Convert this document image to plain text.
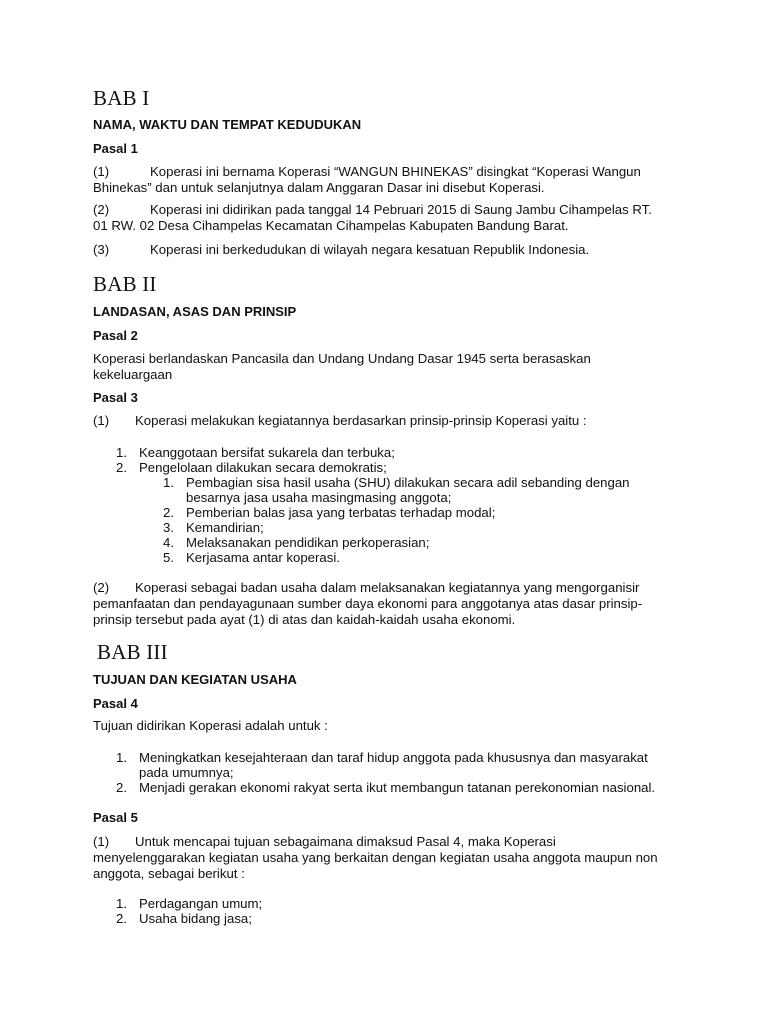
BAB I
NAMA, WAKTU DAN TEMPAT KEDUDUKAN
Pasal 1
(1)	Koperasi ini bernama Koperasi “WANGUN BHINEKAS” disingkat “Koperasi Wangun
Bhinekas” dan untuk selanjutnya dalam Anggaran Dasar ini disebut Koperasi.
(2)	Koperasi ini didirikan pada tanggal 14 Pebruari 2015 di Saung Jambu Cihampelas RT.
01 RW. 02 Desa Cihampelas Kecamatan Cihampelas Kabupaten Bandung Barat.
(3)	Koperasi ini berkedudukan di wilayah negara kesatuan Republik Indonesia.
BAB II
LANDASAN, ASAS DAN PRINSIP
Pasal 2
Koperasi berlandaskan Pancasila dan Undang Undang Dasar 1945 serta berasaskan
kekeluargaan
Pasal 3
(1) Koperasi melakukan kegiatannya berdasarkan prinsip-prinsip Koperasi yaitu :
1. Keanggotaan bersifat sukarela dan terbuka;
2. Pengelolaan dilakukan secara demokratis;
1. Pembagian sisa hasil usaha (SHU) dilakukan secara adil sebanding dengan
besarnya jasa usaha masingmasing anggota;
2. Pemberian balas jasa yang terbatas terhadap modal;
3. Kemandirian;
4. Melaksanakan pendidikan perkoperasian;
5. Kerjasama antar koperasi.
(2) Koperasi sebagai badan usaha dalam melaksanakan kegiatannya yang mengorganisir
pemanfaatan dan pendayagunaan sumber daya ekonomi para anggotanya atas dasar prinsip-
prinsip tersebut pada ayat (1) di atas dan kaidah-kaidah usaha ekonomi.
BAB III
TUJUAN DAN KEGIATAN USAHA
Pasal 4
Tujuan didirikan Koperasi adalah untuk :
1. Meningkatkan kesejahteraan dan taraf hidup anggota pada khususnya dan masyarakat
pada umumnya;
2. Menjadi gerakan ekonomi rakyat serta ikut membangun tatanan perekonomian nasional.
Pasal 5
(1) Untuk mencapai tujuan sebagaimana dimaksud Pasal 4, maka Koperasi
menyelenggarakan kegiatan usaha yang berkaitan dengan kegiatan usaha anggota maupun non
anggota, sebagai berikut :
1. Perdagangan umum;
2. Usaha bidang jasa;
